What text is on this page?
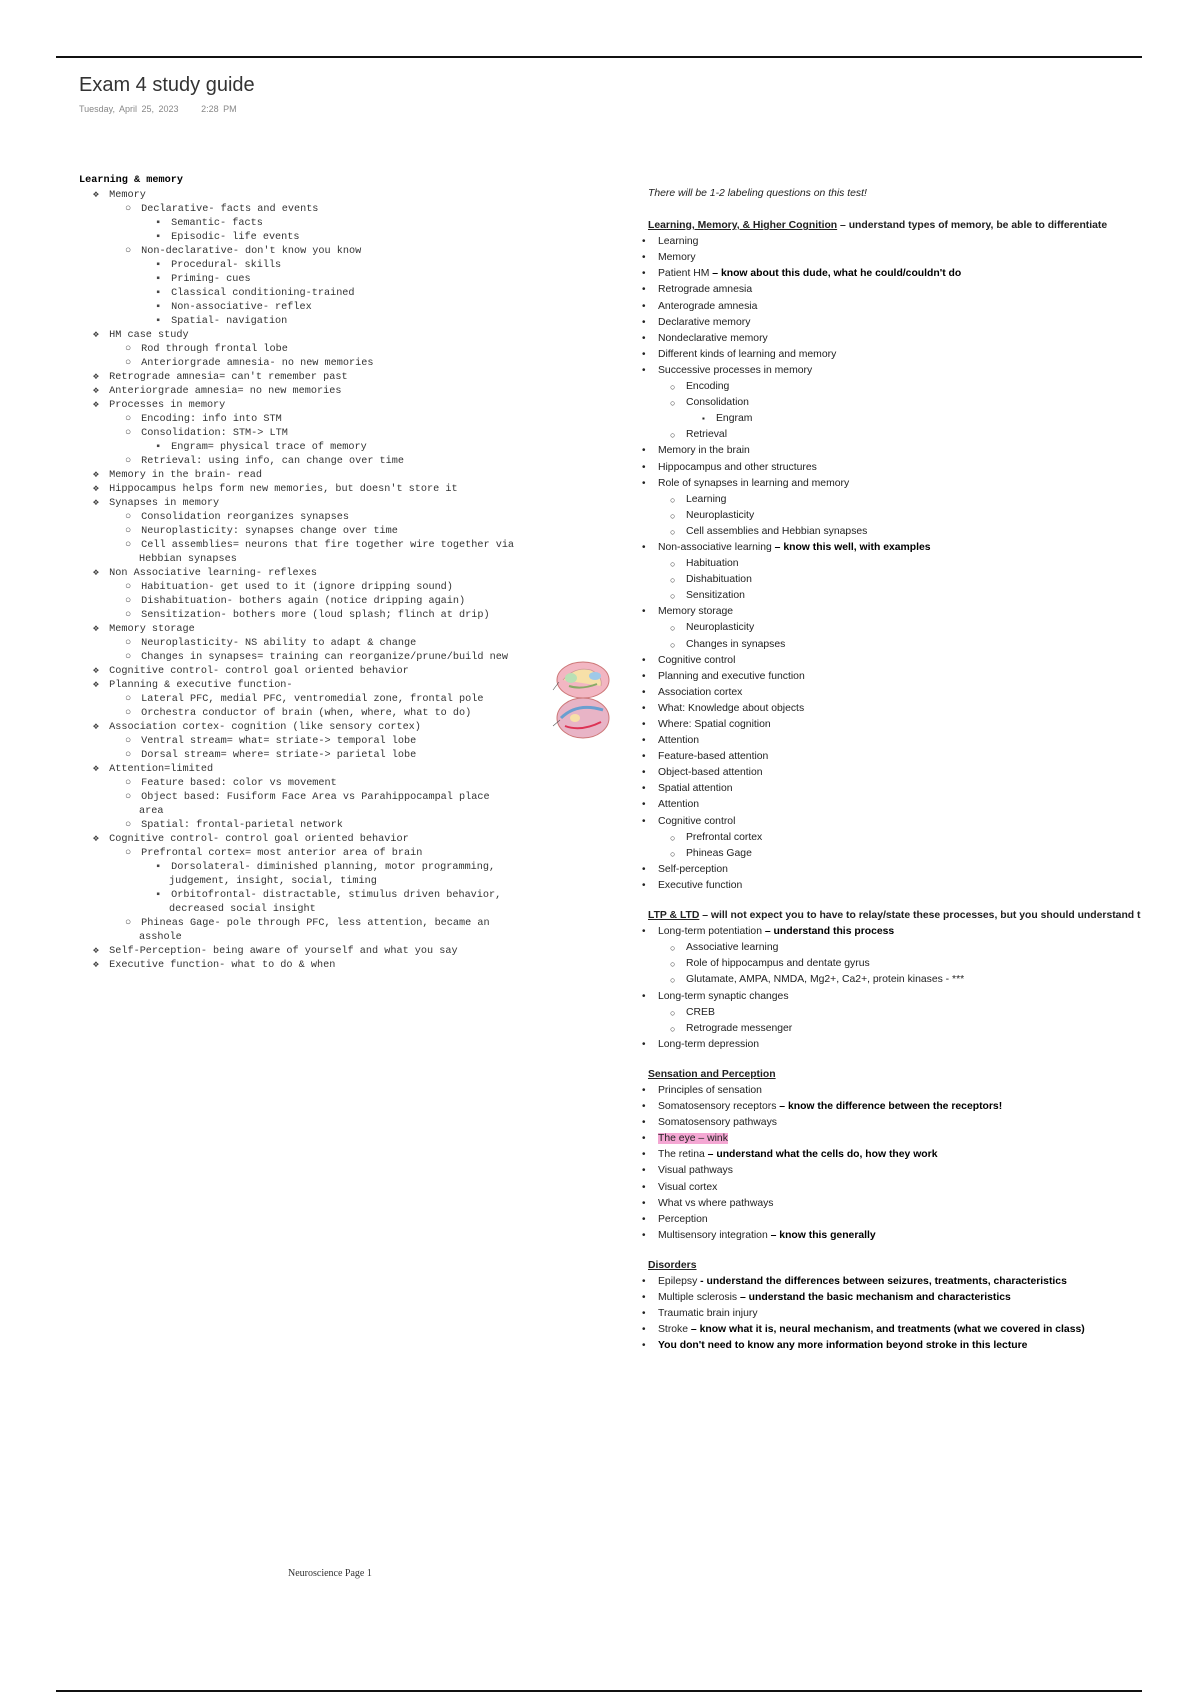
Exam 4 study guide
Tuesday, April 25, 2023	2:28 PM
Learning & memory
❖ Memory
○ Declarative- facts and events
▪ Semantic- facts
▪ Episodic- life events
○ Non-declarative- don't know you know
▪ Procedural- skills
▪ Priming- cues
▪ Classical conditioning-trained
▪ Non-associative- reflex
▪ Spatial- navigation
❖ HM case study
○ Rod through frontal lobe
○ Anteriorgrade amnesia- no new memories
❖ Retrograde amnesia= can't remember past
❖ Anteriorgrade amnesia= no new memories
❖ Processes in memory
○ Encoding: info into STM
○ Consolidation: STM-> LTM
▪ Engram= physical trace of memory
○ Retrieval: using info, can change over time
❖ Memory in the brain- read
❖ Hippocampus helps form new memories, but doesn't store it
❖ Synapses in memory
○ Consolidation reorganizes synapses
○ Neuroplasticity: synapses change over time
○ Cell assemblies= neurons that fire together wire together via
Hebbian synapses
❖ Non Associative learning- reflexes
○ Habituation- get used to it (ignore dripping sound)
○ Dishabituation- bothers again (notice dripping again)
○ Sensitization- bothers more (loud splash; flinch at drip)
❖ Memory storage
○ Neuroplasticity- NS ability to adapt & change
○ Changes in synapses= training can reorganize/prune/build new
❖ Cognitive control- control goal oriented behavior
❖ Planning & executive function-
○ Lateral PFC, medial PFC, ventromedial zone, frontal pole
○ Orchestra conductor of brain (when, where, what to do)
❖ Association cortex- cognition (like sensory cortex)
○ Ventral stream= what= striate-> temporal lobe
○ Dorsal stream= where= striate-> parietal lobe
❖ Attention=limited
○ Feature based: color vs movement
○ Object based: Fusiform Face Area vs Parahippocampal place
area
○ Spatial: frontal-parietal network
❖ Cognitive control- control goal oriented behavior
○ Prefrontal cortex= most anterior area of brain
▪ Dorsolateral- diminished planning, motor programming,
judgement, insight, social, timing
▪ Orbitofrontal- distractable, stimulus driven behavior,
decreased social insight
○ Phineas Gage- pole through PFC, less attention, became an
asshole
❖ Self-Perception- being aware of yourself and what you say
❖ Executive function- what to do & when
There will be 1-2 labeling questions on this test!
Learning, Memory, & Higher Cognition – understand types of memory, be able to differentiate
• Learning
• Memory
• Patient HM – know about this dude, what he could/couldn't do
• Retrograde amnesia
• Anterograde amnesia
• Declarative memory
• Nondeclarative memory
• Different kinds of learning and memory
• Successive processes in memory
○ Encoding
○ Consolidation
▪ Engram
○ Retrieval
• Memory in the brain
• Hippocampus and other structures
• Role of synapses in learning and memory
○ Learning
○ Neuroplasticity
○ Cell assemblies and Hebbian synapses
• Non-associative learning – know this well, with examples
○ Habituation
○ Dishabituation
○ Sensitization
• Memory storage
○ Neuroplasticity
○ Changes in synapses
• Cognitive control
• Planning and executive function
• Association cortex
• What: Knowledge about objects
• Where: Spatial cognition
• Attention
• Feature-based attention
• Object-based attention
• Spatial attention
• Attention
• Cognitive control
○ Prefrontal cortex
○ Phineas Gage
• Self-perception
• Executive function
LTP & LTD – will not expect you to have to relay/state these processes, but you should understand t
• Long-term potentiation – understand this process
○ Associative learning
○ Role of hippocampus and dentate gyrus
○ Glutamate, AMPA, NMDA, Mg2+, Ca2+, protein kinases - ***
• Long-term synaptic changes
○ CREB
○ Retrograde messenger
• Long-term depression
Sensation and Perception
• Principles of sensation
• Somatosensory receptors – know the difference between the receptors!
• Somatosensory pathways
• The eye – wink
• The retina – understand what the cells do, how they work
• Visual pathways
• Visual cortex
• What vs where pathways
• Perception
• Multisensory integration – know this generally
Disorders
• Epilepsy - understand the differences between seizures, treatments, characteristics
• Multiple sclerosis – understand the basic mechanism and characteristics
• Traumatic brain injury
• Stroke – know what it is, neural mechanism, and treatments (what we covered in class)
• You don't need to know any more information beyond stroke in this lecture
Neuroscience Page 1
